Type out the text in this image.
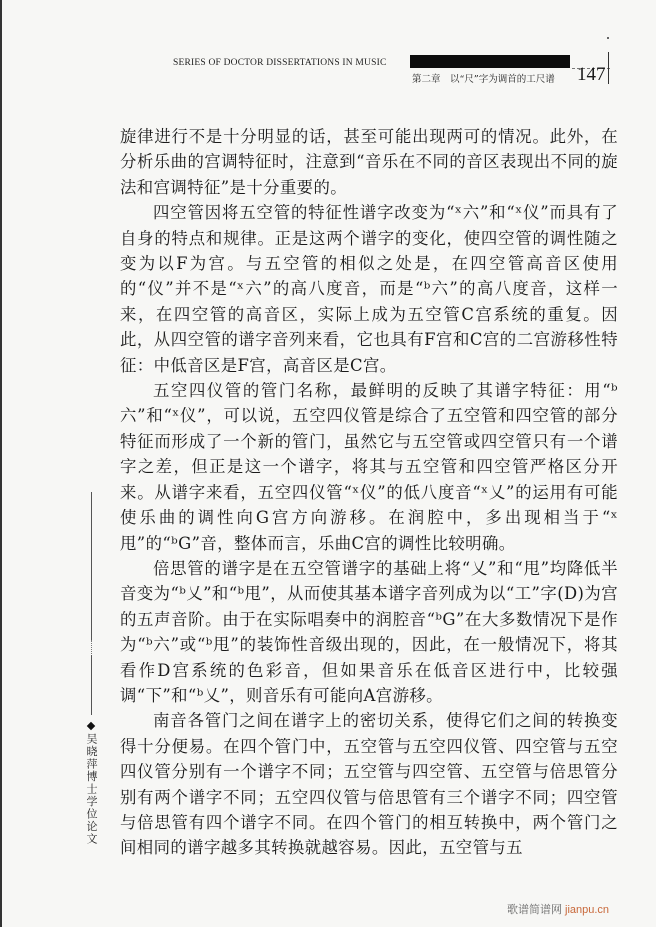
SERIES OF DOCTOR DISSERTATIONS IN MUSIC
第二章　以“尺”字为调首的工尺谱 147

旋律进行不是十分明显的话，甚至可能出现两可的情况。此外，在分析乐曲的宫调特征时，注意到“音乐在不同的音区表现出不同的旋法和宫调特征”是十分重要的。

四空管因将五空管的特征性谱字改变为“ˣ六”和“ˣ仪”而具有了自身的特点和规律。正是这两个谱字的变化，使四空管的调性随之变为以F为宫。与五空管的相似之处是，在四空管高音区使用的“仪”并不是“ˣ六”的高八度音，而是“ᵇ六”的高八度音，这样一来，在四空管的高音区，实际上成为五空管C宫系统的重复。因此，从四空管的谱字音列来看，它也具有F宫和C宫的二宫游移性特征：中低音区是F宫，高音区是C宫。

五空四仪管的管门名称，最鲜明的反映了其谱字特征：用“ᵇ六”和“ˣ仪”，可以说，五空四仪管是综合了五空管和四空管的部分特征而形成了一个新的管门，虽然它与五空管或四空管只有一个谱字之差，但正是这一个谱字，将其与五空管和四空管严格区分开来。从谱字来看，五空四仪管“ˣ仪”的低八度音“ˣ乂”的运用有可能使乐曲的调性向G宫方向游移。在润腔中，多出现相当于“ˣ甩”的“ᵇG”音，整体而言，乐曲C宫的调性比较明确。

倍思管的谱字是在五空管谱字的基础上将“乂”和“甩”均降低半音变为“ᵇ乂”和“ᵇ甩”，从而使其基本谱字音列成为以“工”字(D)为宫的五声音阶。由于在实际唱奏中的润腔音“ᵇG”在大多数情况下是作为“ᵇ六”或“ᵇ甩”的装饰性音级出现的，因此，在一般情况下，将其看作D宫系统的色彩音，但如果音乐在低音区进行中，比较强调“下”和“ᵇ乂”，则音乐有可能向A宫游移。

南音各管门之间在谱字上的密切关系，使得它们之间的转换变得十分便易。在四个管门中，五空管与五空四仪管、四空管与五空四仪管分别有一个谱字不同；五空管与四空管、五空管与倍思管分别有两个谱字不同；五空四仪管与倍思管有三个谱字不同；四空管与倍思管有四个谱字不同。在四个管门的相互转换中，两个管门之间相同的谱字越多其转换就越容易。因此，五空管与五

吴晓萍博士学位论文
歌谱简谱网 jianpu.cn
